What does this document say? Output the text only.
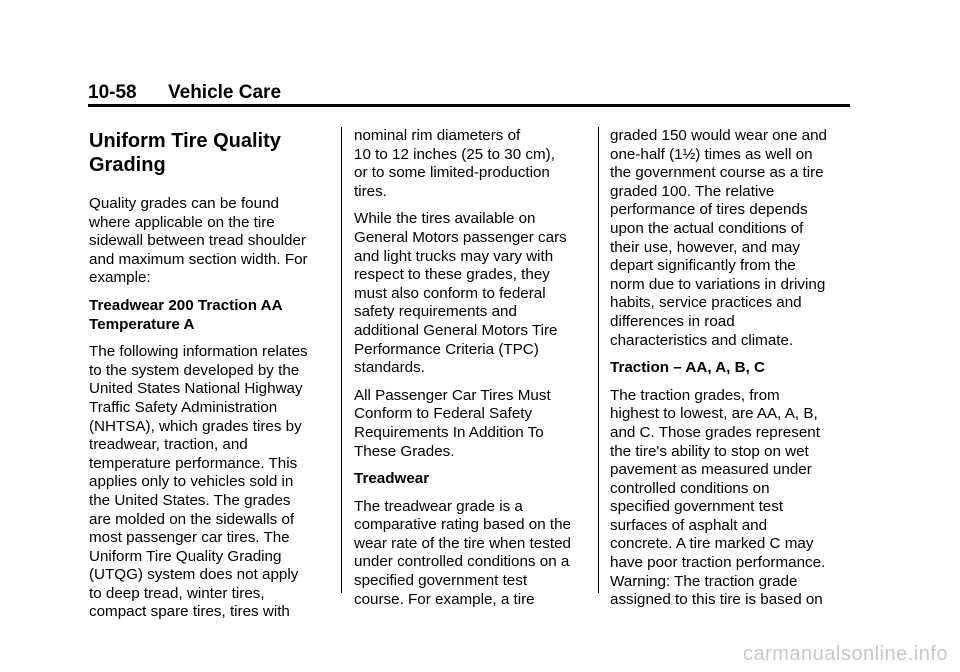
10-58 Vehicle Care
Uniform Tire Quality
Grading

Quality grades can be found
where applicable on the tire
sidewall between tread shoulder
and maximum section width. For
example:

Treadwear 200 Traction AA
Temperature A

The following information relates
to the system developed by the
United States National Highway
Traffic Safety Administration
(NHTSA), which grades tires by
treadwear, traction, and
temperature performance. This
applies only to vehicles sold in
the United States. The grades
are molded on the sidewalls of
most passenger car tires. The
Uniform Tire Quality Grading
(UTQG) system does not apply
to deep tread, winter tires,
compact spare tires, tires with

nominal rim diameters of
10 to 12 inches (25 to 30 cm),
or to some limited-production
tires.

While the tires available on
General Motors passenger cars
and light trucks may vary with
respect to these grades, they
must also conform to federal
safety requirements and
additional General Motors Tire
Performance Criteria (TPC)
standards.

All Passenger Car Tires Must
Conform to Federal Safety
Requirements In Addition To
These Grades.

Treadwear

The treadwear grade is a
comparative rating based on the
wear rate of the tire when tested
under controlled conditions on a
specified government test
course. For example, a tire

graded 150 would wear one and
one-half (1½) times as well on
the government course as a tire
graded 100. The relative
performance of tires depends
upon the actual conditions of
their use, however, and may
depart significantly from the
norm due to variations in driving
habits, service practices and
differences in road
characteristics and climate.

Traction – AA, A, B, C

The traction grades, from
highest to lowest, are AA, A, B,
and C. Those grades represent
the tire's ability to stop on wet
pavement as measured under
controlled conditions on
specified government test
surfaces of asphalt and
concrete. A tire marked C may
have poor traction performance.
Warning: The traction grade
assigned to this tire is based on

carmanualsonline.info
